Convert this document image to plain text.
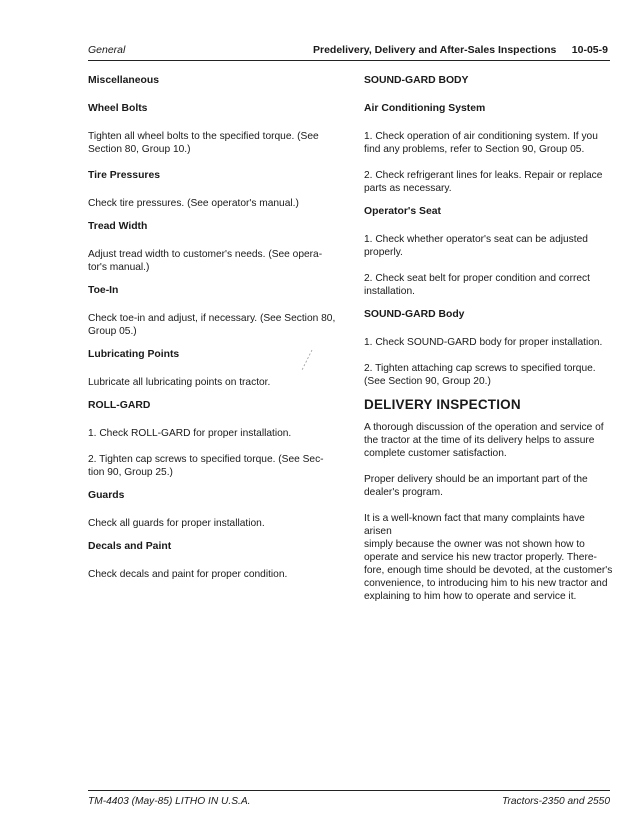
General	Predelivery, Delivery and After-Sales Inspections 10-05-9

Miscellaneous

Wheel Bolts

Tighten all wheel bolts to the specified torque. (See

Section 80, Group 10.)

Tire Pressures

Check tire pressures. (See operator's manual.)

Tread Width

Adjust tread width to customer's needs. (See opera-

tor's manual.)

Toe-In

Check toe-in and adjust, if necessary. (See Section 80,

Group 05.)

Lubricating Points

Lubricate all lubricating points on tractor.

ROLL-GARD

1. Check ROLL-GARD for proper installation.

2. Tighten cap screws to specified torque. (See Sec-

tion 90, Group 25.)

Guards

Check all guards for proper installation.

Decals and Paint

Check decals and paint for proper condition.

SOUND-GARD BODY

Air Conditioning System

1. Check operation of air conditioning system. If you

find any problems, refer to Section 90, Group 05.

2. Check refrigerant lines for leaks. Repair or replace

parts as necessary.

Operator's Seat

1. Check whether operator's seat can be adjusted

properly.

2. Check seat belt for proper condition and correct

installation.

SOUND-GARD Body

1. Check SOUND-GARD body for proper installation.

2. Tighten attaching cap screws to specified torque.

(See Section 90, Group 20.)

DELIVERY INSPECTION

A thorough discussion of the operation and service of

the tractor at the time of its delivery helps to assure

complete customer satisfaction.

Proper delivery should be an important part of the

dealer's program.

It is a well-known fact that many complaints have arisen

simply because the owner was not shown how to

operate and service his new tractor properly. There-

fore, enough time should be devoted, at the customer's

convenience, to introducing him to his new tractor and

explaining to him how to operate and service it.

TM-4403 (May-85) LITHO IN U.S.A.	Tractors-2350 and 2550
